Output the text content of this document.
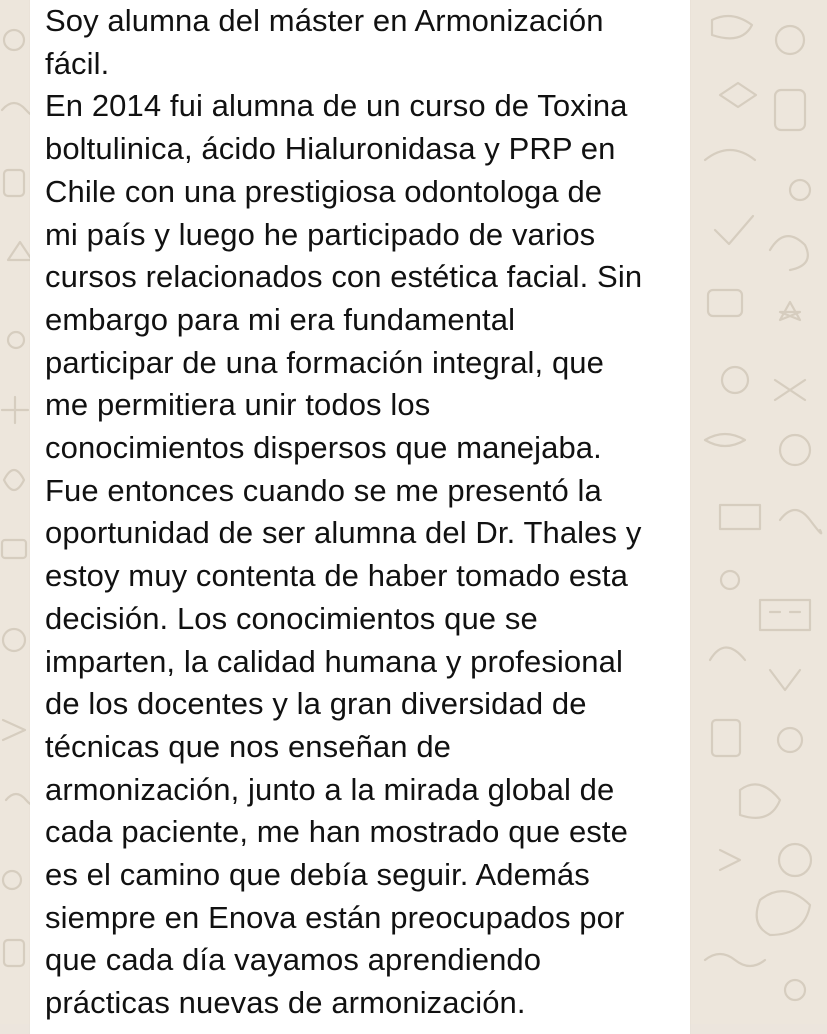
Soy alumna del máster en Armonización
fácil.
En 2014 fui alumna de un curso de Toxina
boltulinica, ácido Hialuronidasa y PRP en
Chile con una prestigiosa odontologa de
mi país y luego he participado de varios
cursos relacionados con estética facial. Sin
embargo para mi era fundamental
participar de una formación integral, que
me permitiera unir todos los
conocimientos dispersos que manejaba.
Fue entonces cuando se me presentó la
oportunidad de ser alumna del Dr. Thales y
estoy muy contenta de haber tomado esta
decisión. Los conocimientos que se
imparten, la calidad humana y profesional
de los docentes y la gran diversidad de
técnicas que nos enseñan de
armonización, junto a la mirada global de
cada paciente, me han mostrado que este
es el camino que debía seguir. Además
siempre en Enova están preocupados por
que cada día vayamos aprendiendo
prácticas nuevas de armonización.
